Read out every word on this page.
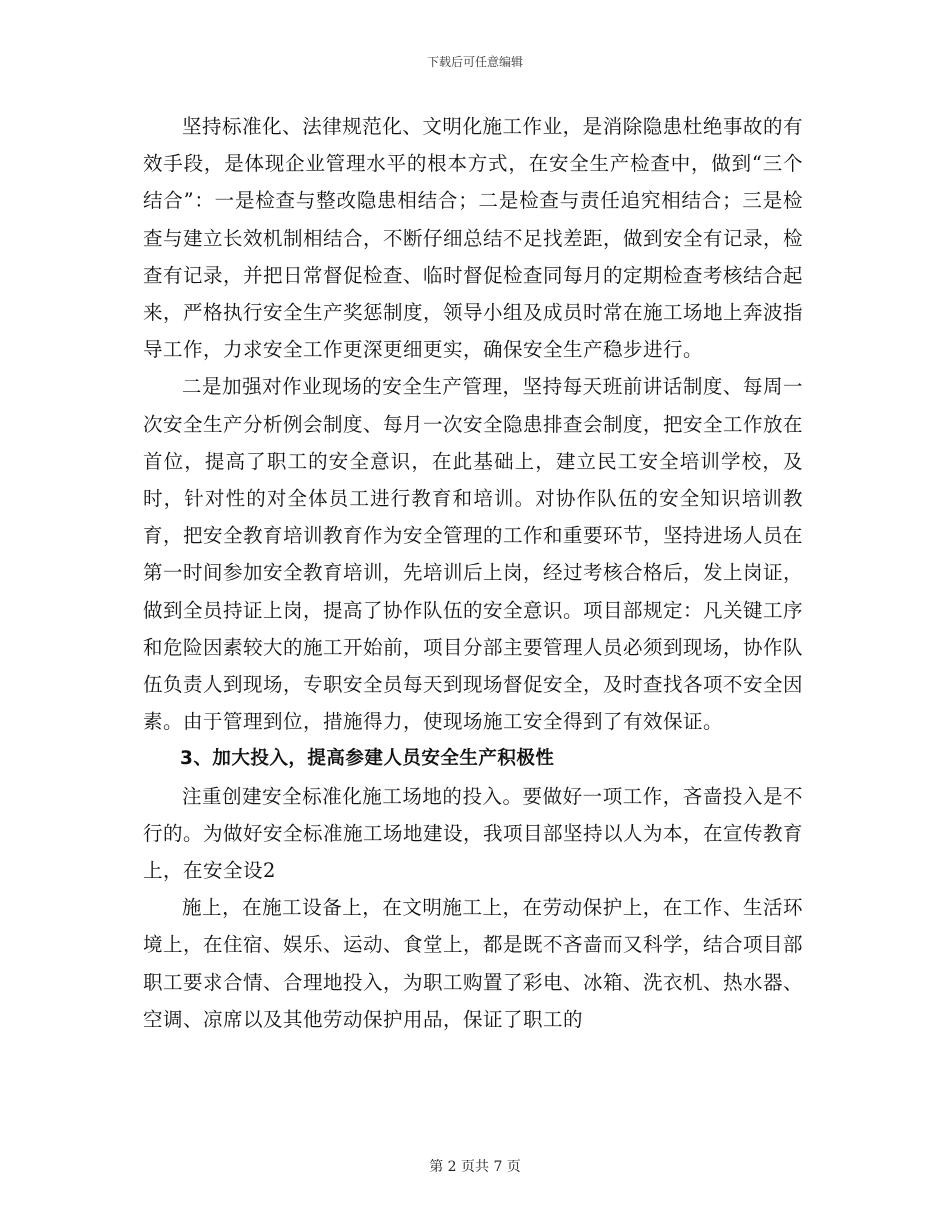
下载后可任意编辑

坚持标准化、法律规范化、文明化施工作业，是消除隐患杜绝事故的有效手段，是体现企业管理水平的根本方式，在安全生产检查中，做到“三个结合”：一是检查与整改隐患相结合；二是检查与责任追究相结合；三是检查与建立长效机制相结合，不断仔细总结不足找差距，做到安全有记录，检查有记录，并把日常督促检查、临时督促检查同每月的定期检查考核结合起来，严格执行安全生产奖惩制度，领导小组及成员时常在施工场地上奔波指导工作，力求安全工作更深更细更实，确保安全生产稳步进行。

二是加强对作业现场的安全生产管理，坚持每天班前讲话制度、每周一次安全生产分析例会制度、每月一次安全隐患排查会制度，把安全工作放在首位，提高了职工的安全意识，在此基础上，建立民工安全培训学校，及时，针对性的对全体员工进行教育和培训。对协作队伍的安全知识培训教育，把安全教育培训教育作为安全管理的工作和重要环节，坚持进场人员在第一时间参加安全教育培训，先培训后上岗，经过考核合格后，发上岗证，做到全员持证上岗，提高了协作队伍的安全意识。项目部规定：凡关键工序和危险因素较大的施工开始前，项目分部主要管理人员必须到现场，协作队伍负责人到现场，专职安全员每天到现场督促安全，及时查找各项不安全因素。由于管理到位，措施得力，使现场施工安全得到了有效保证。

3、加大投入，提高参建人员安全生产积极性

注重创建安全标准化施工场地的投入。要做好一项工作，吝啬投入是不行的。为做好安全标准施工场地建设，我项目部坚持以人为本，在宣传教育上，在安全设2

施上，在施工设备上，在文明施工上，在劳动保护上，在工作、生活环境上，在住宿、娱乐、运动、食堂上，都是既不吝啬而又科学，结合项目部职工要求合情、合理地投入，为职工购置了彩电、冰箱、洗衣机、热水器、空调、凉席以及其他劳动保护用品，保证了职工的

第 2 页共 7 页
